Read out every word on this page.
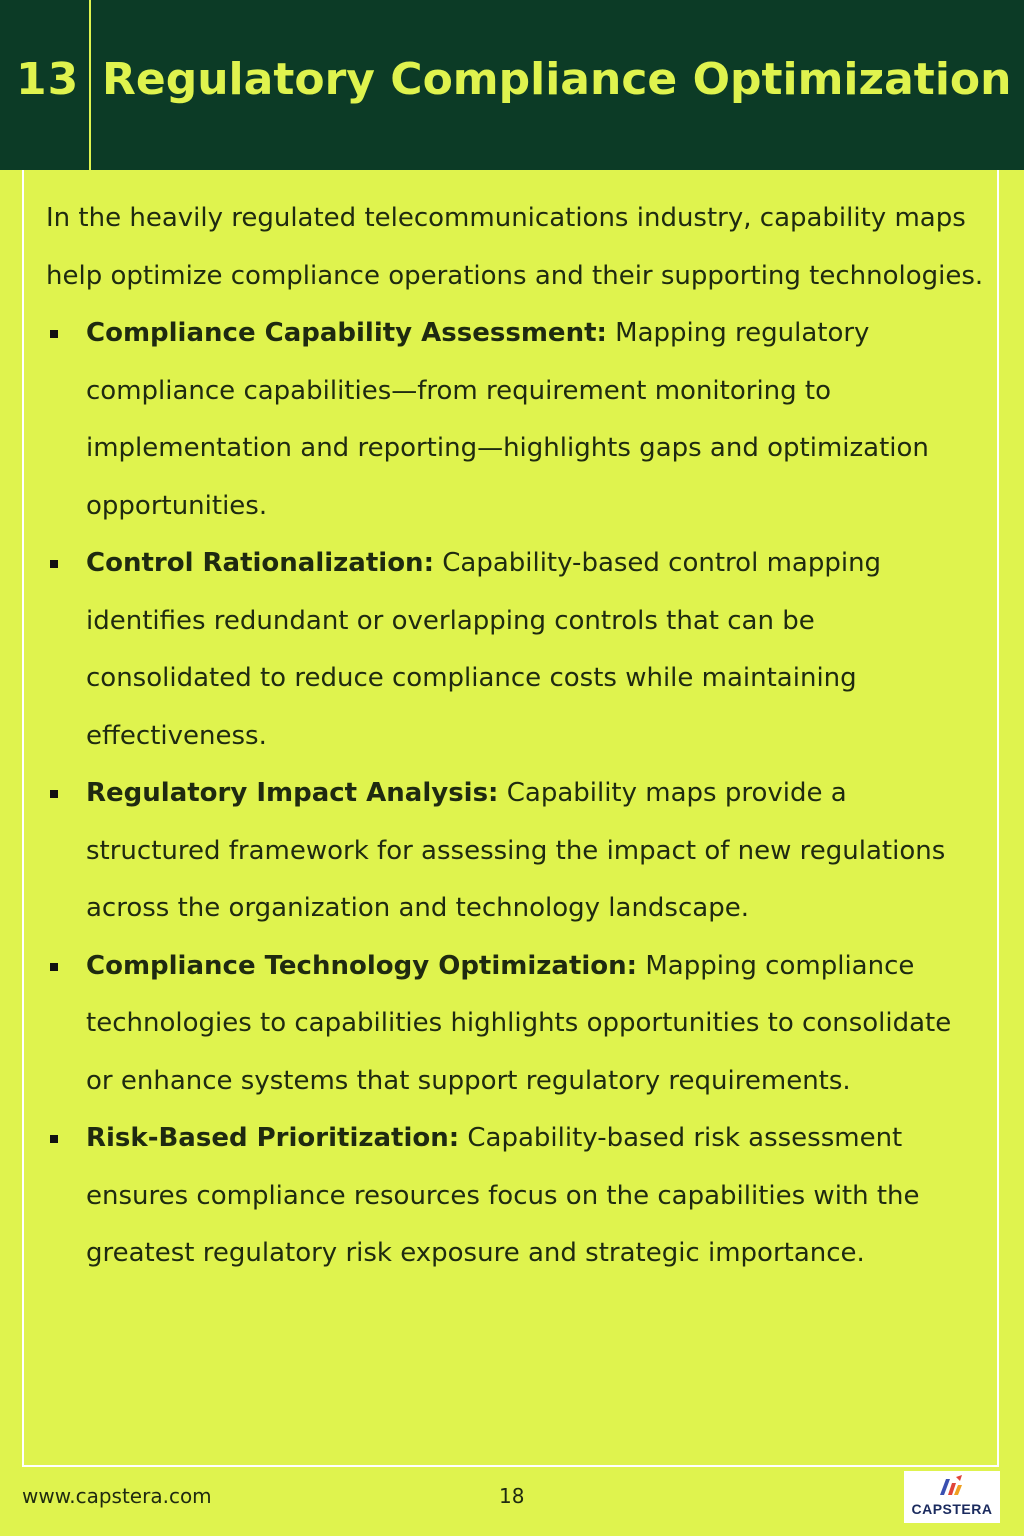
13 Regulatory Compliance Optimization

In the heavily regulated telecommunications industry, capability maps help optimize compliance operations and their supporting technologies.

Compliance Capability Assessment: Mapping regulatory compliance capabilities—from requirement monitoring to implementation and reporting—highlights gaps and optimization opportunities.
Control Rationalization: Capability-based control mapping identifies redundant or overlapping controls that can be consolidated to reduce compliance costs while maintaining effectiveness.
Regulatory Impact Analysis: Capability maps provide a structured framework for assessing the impact of new regulations across the organization and technology landscape.
Compliance Technology Optimization: Mapping compliance technologies to capabilities highlights opportunities to consolidate or enhance systems that support regulatory requirements.
Risk-Based Prioritization: Capability-based risk assessment ensures compliance resources focus on the capabilities with the greatest regulatory risk exposure and strategic importance.
www.capstera.com	18
CAPSTERA
